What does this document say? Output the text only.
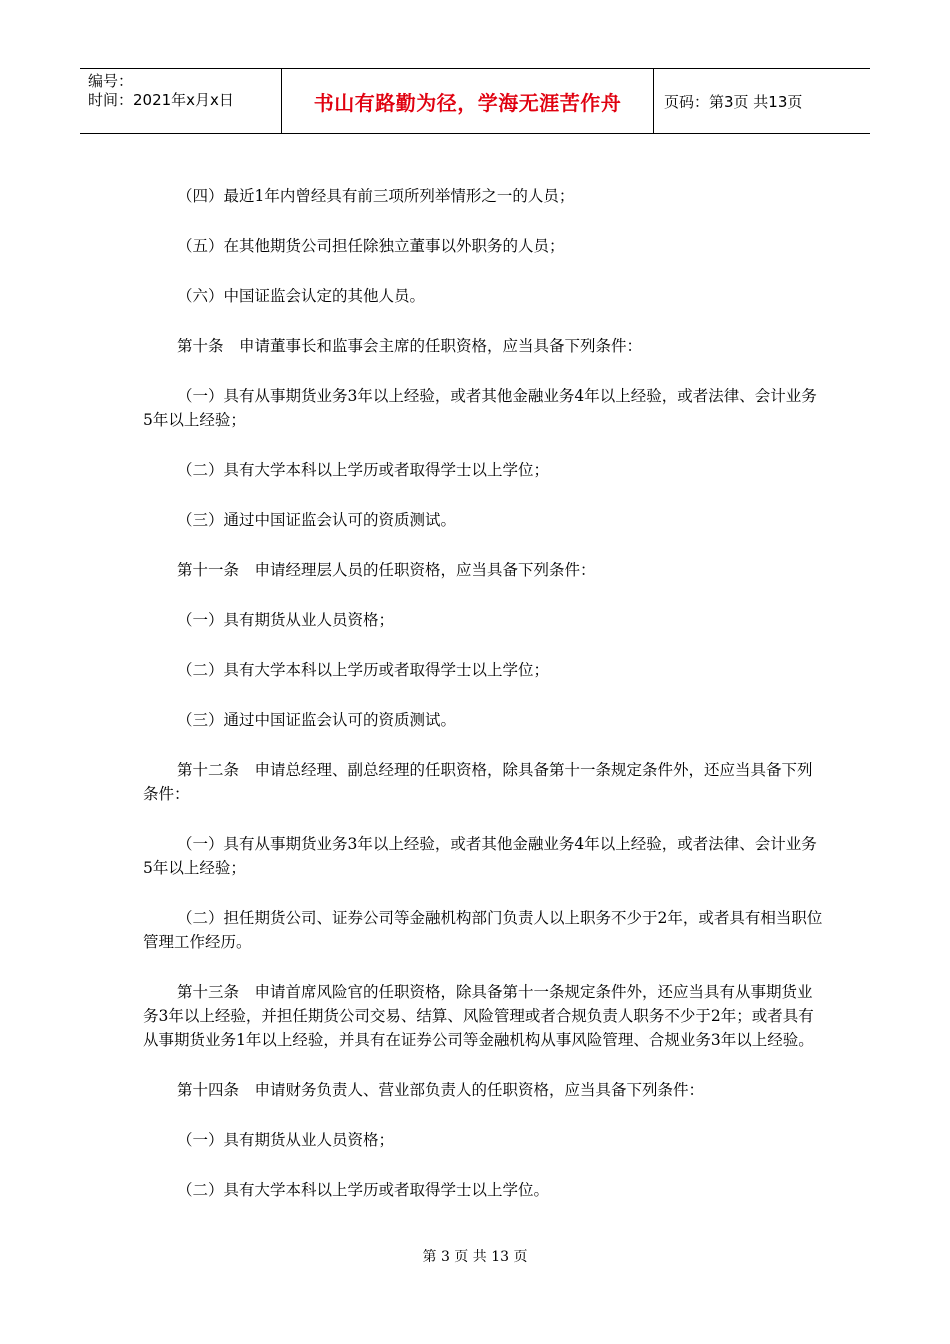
编号：
时间：2021年x月x日	书山有路勤为径，学海无涯苦作舟	页码：第3页 共13页

（四）最近1年内曾经具有前三项所列举情形之一的人员；

（五）在其他期货公司担任除独立董事以外职务的人员；

（六）中国证监会认定的其他人员。

第十条　申请董事长和监事会主席的任职资格，应当具备下列条件：

（一）具有从事期货业务3年以上经验，或者其他金融业务4年以上经验，或者法律、会计业务5年以上经验；

（二）具有大学本科以上学历或者取得学士以上学位；

（三）通过中国证监会认可的资质测试。

第十一条　申请经理层人员的任职资格，应当具备下列条件：

（一）具有期货从业人员资格；

（二）具有大学本科以上学历或者取得学士以上学位；

（三）通过中国证监会认可的资质测试。

第十二条　申请总经理、副总经理的任职资格，除具备第十一条规定条件外，还应当具备下列条件：

（一）具有从事期货业务3年以上经验，或者其他金融业务4年以上经验，或者法律、会计业务5年以上经验；

（二）担任期货公司、证券公司等金融机构部门负责人以上职务不少于2年，或者具有相当职位管理工作经历。

第十三条　申请首席风险官的任职资格，除具备第十一条规定条件外，还应当具有从事期货业务3年以上经验，并担任期货公司交易、结算、风险管理或者合规负责人职务不少于2年；或者具有从事期货业务1年以上经验，并具有在证券公司等金融机构从事风险管理、合规业务3年以上经验。

第十四条　申请财务负责人、营业部负责人的任职资格，应当具备下列条件：

（一）具有期货从业人员资格；

（二）具有大学本科以上学历或者取得学士以上学位。

第 3 页 共 13 页
